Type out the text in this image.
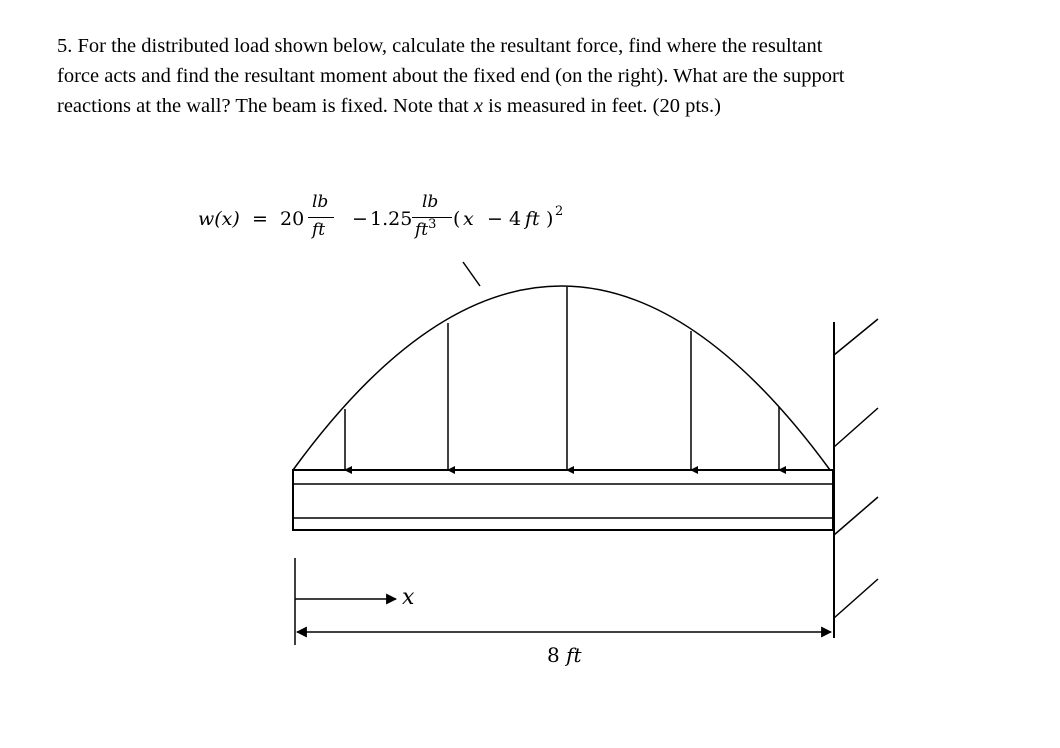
5. For the distributed load shown below, calculate the resultant force, find where the resultant
force acts and find the resultant moment about the fixed end (on the right). What are the support
reactions at the wall? The beam is fixed. Note that x is measured in feet. (20 pts.)
w(x) = 20
lb
ft − 1.25
lb
$ft^3$ ( x − 4 ft ) 2
x
8 ft
